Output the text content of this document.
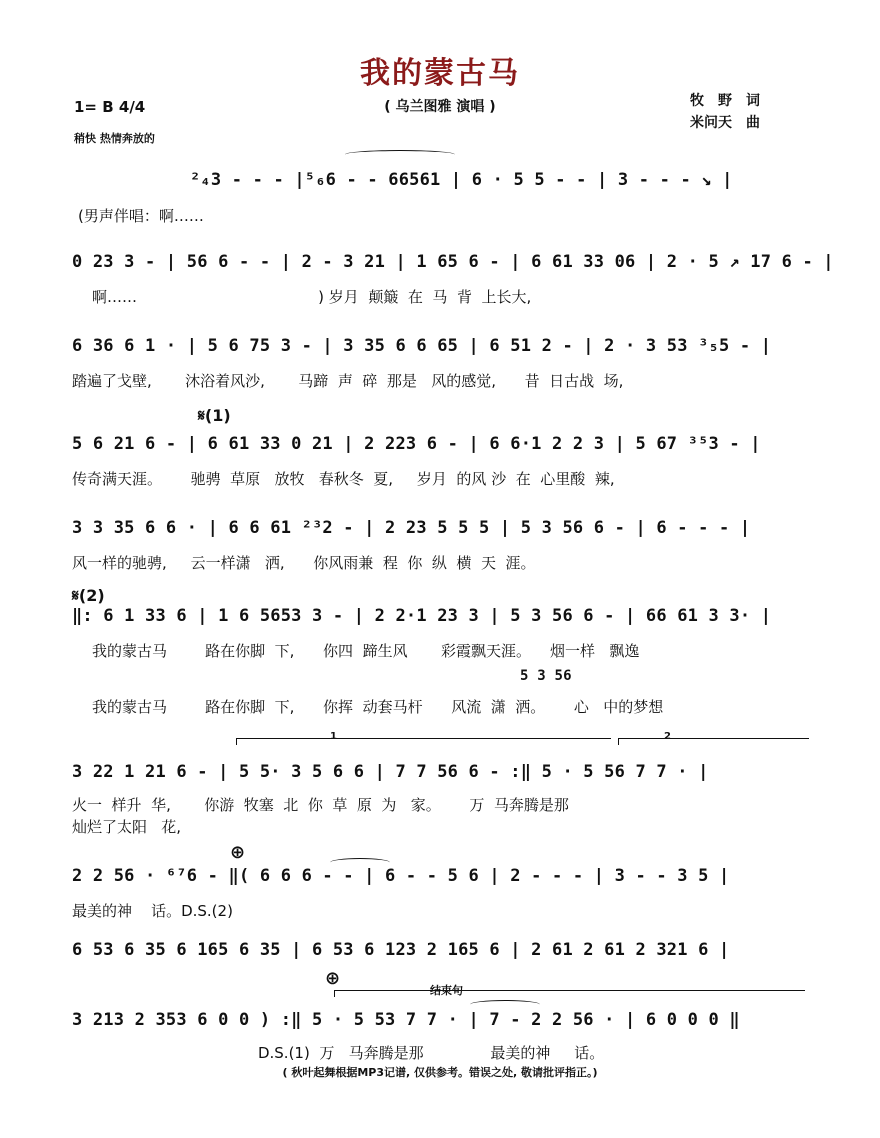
我的蒙古马
( 乌兰图雅 演唱 )	牧　野　词
米问天　曲
1= B 4/4
稍快 热情奔放的
²₄3 - - - |⁵₆6 - - 66561 | 6 · 5 5 - - | 3 - - - ↘ |
(男声伴唱：啊……
0 23 3 - | 56 6 - - | 2 - 3 21 | 1 65 6 - | 6 61 33 06 | 2 · 5 ↗ 17 6 - |
啊……                                      ) 岁月  颠簸  在  马  背  上长大,
6 36 6 1 · | 5 6 75 3 - | 3 35 6 6 65 | 6 51 2 - | 2 · 3 53 ³₅5 - |
踏遍了戈壁,       沐浴着风沙,       马蹄  声  碎  那是   风的感觉,      昔  日古战  场,
𝄋(1)
5 6 21 6 - | 6 61 33 0 21 | 2 223 6 - | 6 6·1 2 2 3 | 5 67 ³⁵3 - |
传奇满天涯。      驰骋  草原   放牧   春秋冬  夏,     岁月  的风 沙  在  心里酸  辣,
3 3 35 6 6 · | 6 6 61 ²³2 - | 2 23 5 5 5 | 5 3 56 6 - | 6 - - - |
风一样的驰骋,     云一样潇   洒,      你风雨兼  程  你  纵  横  天  涯。
𝄋(2)
‖: 6 1 33 6 | 1 6 5653 3 - | 2 2·1 23 3 | 5 3 56 6 - | 66 61 3 3· |
我的蒙古马        路在你脚  下,      你四  蹄生风       彩霞飘天涯。    烟一样   飘逸
5 3 56
我的蒙古马        路在你脚  下,      你挥  动套马杆      风流  潇  洒。      心   中的梦想
1	2
3 22 1 21 6 - | 5 5· 3 5 6 6 | 7 7 56 6 - :‖ 5 · 5 56 7 7 · |
火一  样升  华,       你游  牧塞  北  你  草  原  为   家。      万  马奔腾是那
灿烂了太阳   花,
⊕
2 2 56 · ⁶⁷6 - ‖( 6 6 6 - - | 6 - - 5 6 | 2 - - - | 3 - - 3 5 |
最美的神    话。D.S.(2)
6 53 6 35 6 165 6 35 | 6 53 6 123 2 165 6 | 2 61 2 61 2 321 6 |
⊕
结束句
3 213 2 353 6 0 0 ) :‖ 5 · 5 53 7 7 · | 7 - 2 2 56 · | 6 0 0 0 ‖
D.S.(1)  万   马奔腾是那              最美的神     话。
( 秋叶起舞根据MP3记谱, 仅供参考。错误之处, 敬请批评指正。)
